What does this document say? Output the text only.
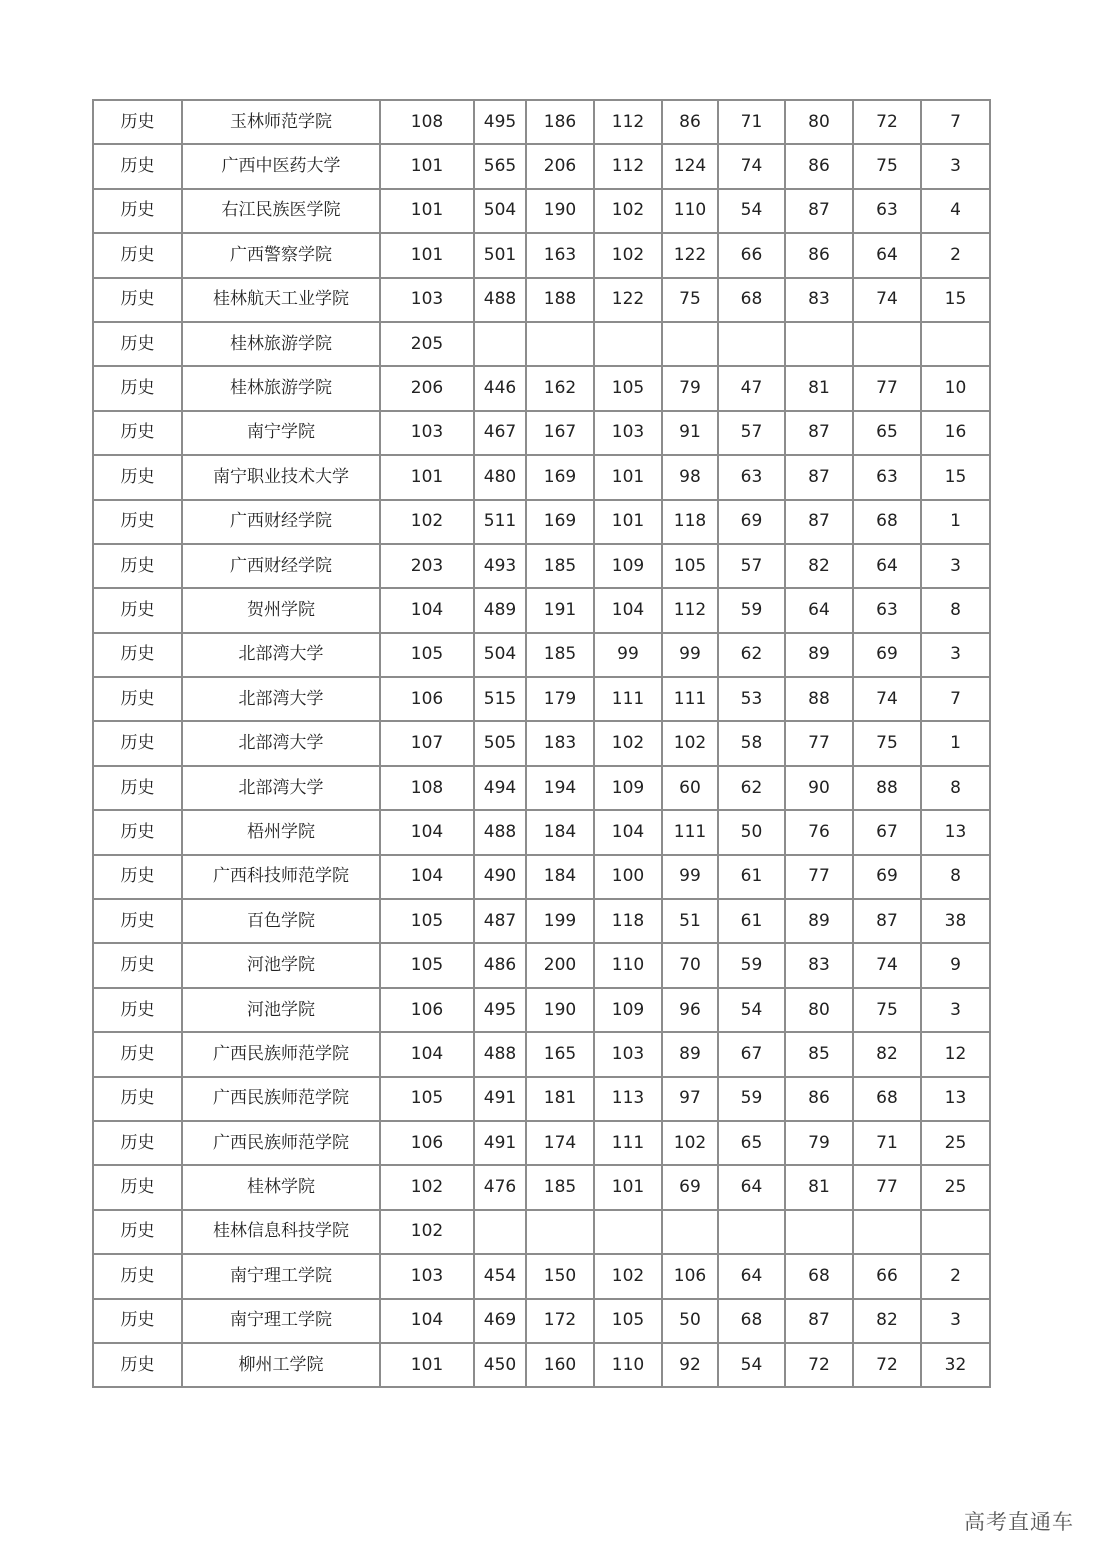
历史	玉林师范学院	108	495	186	112	86	71	80	72	7
历史	广西中医药大学	101	565	206	112	124	74	86	75	3
历史	右江民族医学院	101	504	190	102	110	54	87	63	4
历史	广西警察学院	101	501	163	102	122	66	86	64	2
历史	桂林航天工业学院	103	488	188	122	75	68	83	74	15
历史	桂林旅游学院	205								
历史	桂林旅游学院	206	446	162	105	79	47	81	77	10
历史	南宁学院	103	467	167	103	91	57	87	65	16
历史	南宁职业技术大学	101	480	169	101	98	63	87	63	15
历史	广西财经学院	102	511	169	101	118	69	87	68	1
历史	广西财经学院	203	493	185	109	105	57	82	64	3
历史	贺州学院	104	489	191	104	112	59	64	63	8
历史	北部湾大学	105	504	185	99	99	62	89	69	3
历史	北部湾大学	106	515	179	111	111	53	88	74	7
历史	北部湾大学	107	505	183	102	102	58	77	75	1
历史	北部湾大学	108	494	194	109	60	62	90	88	8
历史	梧州学院	104	488	184	104	111	50	76	67	13
历史	广西科技师范学院	104	490	184	100	99	61	77	69	8
历史	百色学院	105	487	199	118	51	61	89	87	38
历史	河池学院	105	486	200	110	70	59	83	74	9
历史	河池学院	106	495	190	109	96	54	80	75	3
历史	广西民族师范学院	104	488	165	103	89	67	85	82	12
历史	广西民族师范学院	105	491	181	113	97	59	86	68	13
历史	广西民族师范学院	106	491	174	111	102	65	79	71	25
历史	桂林学院	102	476	185	101	69	64	81	77	25
历史	桂林信息科技学院	102								
历史	南宁理工学院	103	454	150	102	106	64	68	66	2
历史	南宁理工学院	104	469	172	105	50	68	87	82	3
历史	柳州工学院	101	450	160	110	92	54	72	72	32
高考直通车
